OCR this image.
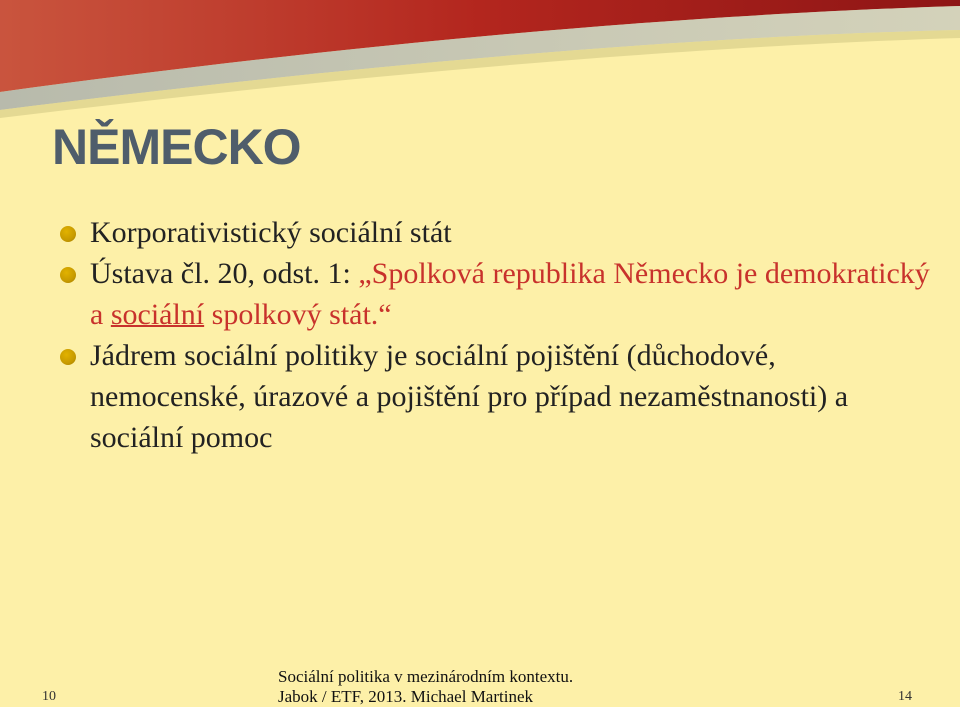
NĚMECKO
Korporativistický sociální stát
Ústava čl. 20, odst. 1: „Spolková republika Německo je demokratický a sociální spolkový stát.“
Jádrem sociální politiky je sociální pojištění (důchodové, nemocenské, úrazové a pojištění pro případ nezaměstnanosti) a sociální pomoc
10
Sociální politika v mezinárodním kontextu.
Jabok / ETF, 2013. Michael Martinek	14
